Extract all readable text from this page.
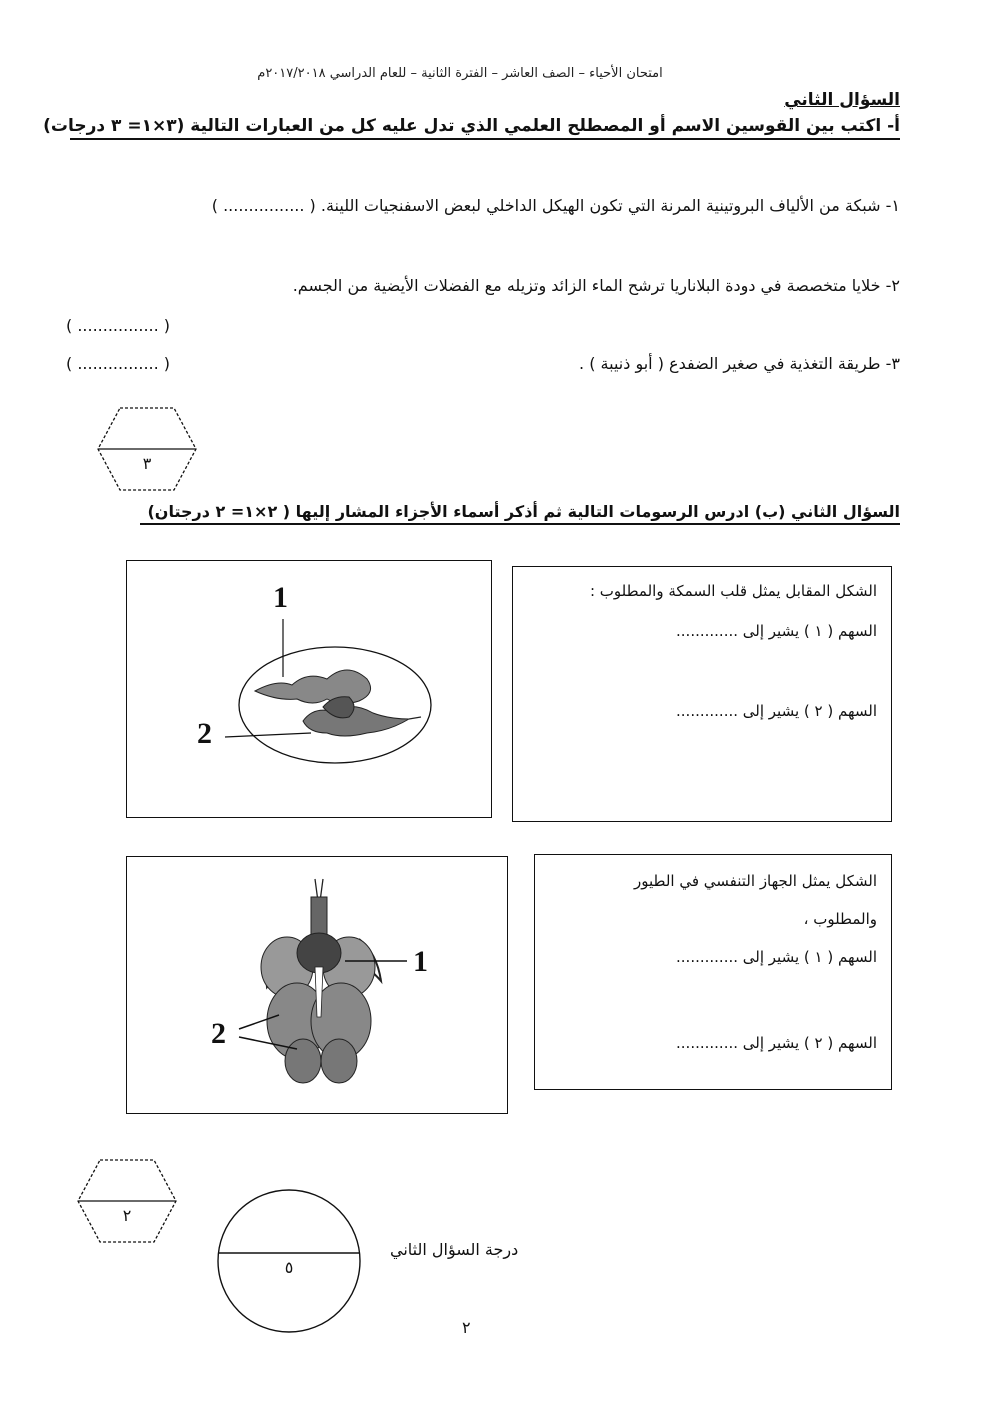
امتحان الأحياء – الصف العاشر – الفترة الثانية – للعام الدراسي ٢٠١٧/٢٠١٨م
السؤال الثاني
أ- اكتب بين القوسين الاسم أو المصطلح العلمي الذي تدل عليه كل من العبارات التالية (٣×١= ٣ درجات)
١- شبكة من الألياف البروتينية المرنة التي تكون الهيكل الداخلي لبعض الاسفنجيات اللينة. ( ................ )
٢- خلايا متخصصة في دودة البلاناريا ترشح الماء الزائد وتزيله مع الفضلات الأيضية من الجسم.
( ................ )
٣- طريقة التغذية في صغير الضفدع ( أبو ذنيبة ) .
( ................ )
٣
السؤال الثاني (ب) ادرس الرسومات التالية ثم أذكر أسماء الأجزاء المشار إليها ( ٢×١= ٢ درجتان)
1
2
الشكل المقابل يمثل قلب السمكة والمطلوب :
السهم ( ١ ) يشير إلى .............
السهم ( ٢ ) يشير إلى .............
1
2
الشكل يمثل الجهاز التنفسي في الطيور
والمطلوب ،
السهم ( ١ ) يشير إلى .............
السهم ( ٢ ) يشير إلى .............
٢
٥
درجة السؤال الثاني
٢
